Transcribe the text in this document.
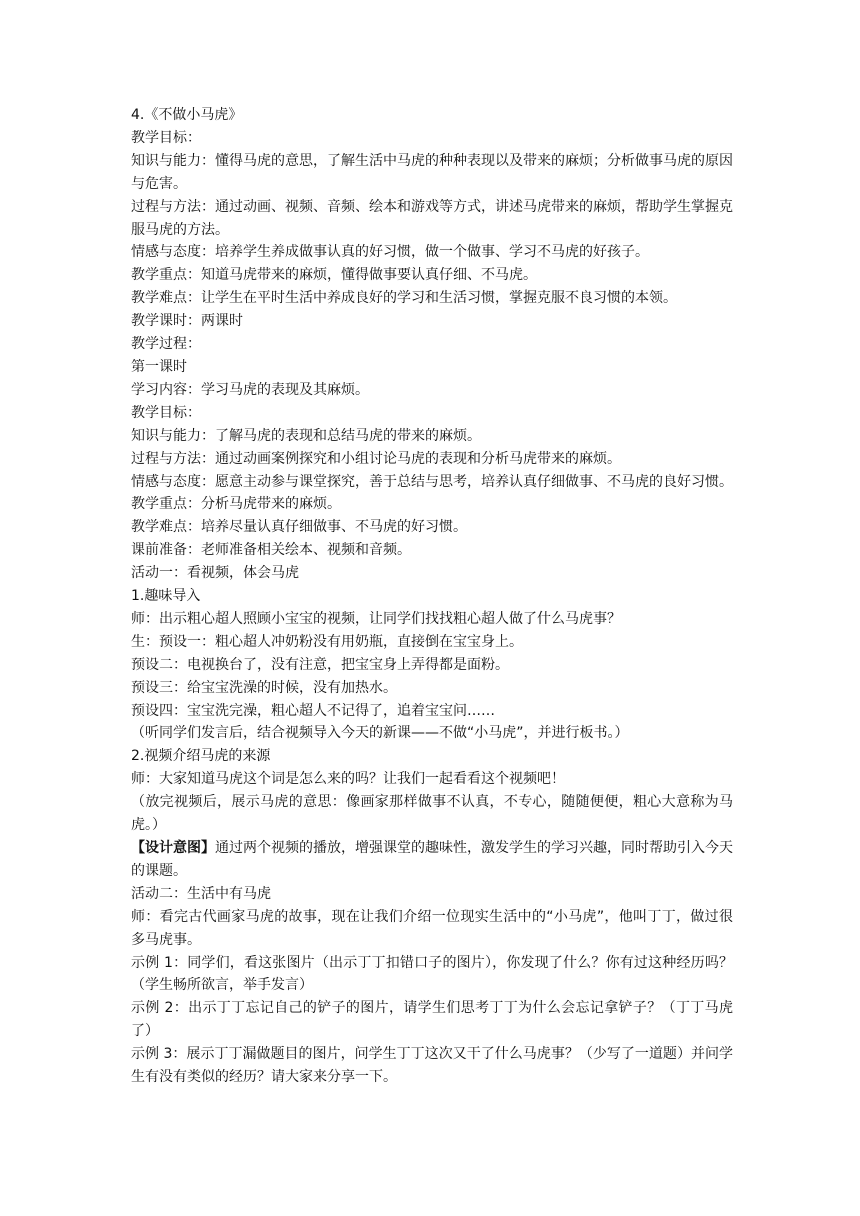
4.《不做小马虎》
教学目标：
知识与能力：懂得马虎的意思，了解生活中马虎的种种表现以及带来的麻烦；分析做事马虎的原因与危害。
过程与方法：通过动画、视频、音频、绘本和游戏等方式，讲述马虎带来的麻烦，帮助学生掌握克服马虎的方法。
情感与态度：培养学生养成做事认真的好习惯，做一个做事、学习不马虎的好孩子。
教学重点：知道马虎带来的麻烦，懂得做事要认真仔细、不马虎。
教学难点：让学生在平时生活中养成良好的学习和生活习惯，掌握克服不良习惯的本领。
教学课时：两课时
教学过程：
第一课时
学习内容：学习马虎的表现及其麻烦。
教学目标：
知识与能力：了解马虎的表现和总结马虎的带来的麻烦。
过程与方法：通过动画案例探究和小组讨论马虎的表现和分析马虎带来的麻烦。
情感与态度：愿意主动参与课堂探究，善于总结与思考，培养认真仔细做事、不马虎的良好习惯。
教学重点：分析马虎带来的麻烦。
教学难点：培养尽量认真仔细做事、不马虎的好习惯。
课前准备：老师准备相关绘本、视频和音频。
活动一：看视频，体会马虎
1.趣味导入
师：出示粗心超人照顾小宝宝的视频，让同学们找找粗心超人做了什么马虎事？
生：预设一：粗心超人冲奶粉没有用奶瓶，直接倒在宝宝身上。
预设二：电视换台了，没有注意，把宝宝身上弄得都是面粉。
预设三：给宝宝洗澡的时候，没有加热水。
预设四：宝宝洗完澡，粗心超人不记得了，追着宝宝问……
（听同学们发言后，结合视频导入今天的新课——不做“小马虎”，并进行板书。）
2.视频介绍马虎的来源
师：大家知道马虎这个词是怎么来的吗？让我们一起看看这个视频吧！
（放完视频后，展示马虎的意思：像画家那样做事不认真，不专心，随随便便，粗心大意称为马虎。）
【设计意图】通过两个视频的播放，增强课堂的趣味性，激发学生的学习兴趣，同时帮助引入今天的课题。
活动二：生活中有马虎
师：看完古代画家马虎的故事，现在让我们介绍一位现实生活中的“小马虎”，他叫丁丁，做过很多马虎事。
示例 1：同学们，看这张图片（出示丁丁扣错口子的图片），你发现了什么？你有过这种经历吗？（学生畅所欲言，举手发言）
示例 2：出示丁丁忘记自己的铲子的图片，请学生们思考丁丁为什么会忘记拿铲子？（丁丁马虎了）
示例 3：展示丁丁漏做题目的图片，问学生丁丁这次又干了什么马虎事？（少写了一道题）并问学生有没有类似的经历？请大家来分享一下。
